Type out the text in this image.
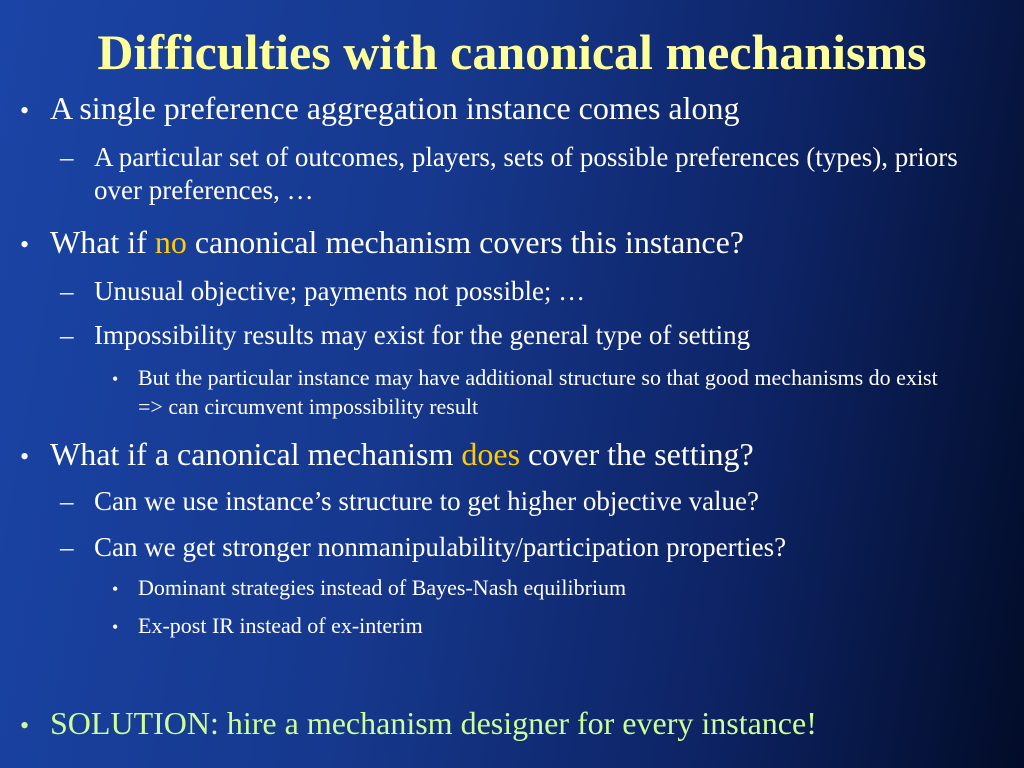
Difficulties with canonical mechanisms
• A single preference aggregation instance comes along
– A particular set of outcomes, players, sets of possible preferences (types), priors over preferences, …
• What if no canonical mechanism covers this instance?
– Unusual objective; payments not possible; …
– Impossibility results may exist for the general type of setting
• But the particular instance may have additional structure so that good mechanisms do exist => can circumvent impossibility result
• What if a canonical mechanism does cover the setting?
– Can we use instance’s structure to get higher objective value?
– Can we get stronger nonmanipulability/participation properties?
• Dominant strategies instead of Bayes-Nash equilibrium
• Ex-post IR instead of ex-interim
• SOLUTION: hire a mechanism designer for every instance!
